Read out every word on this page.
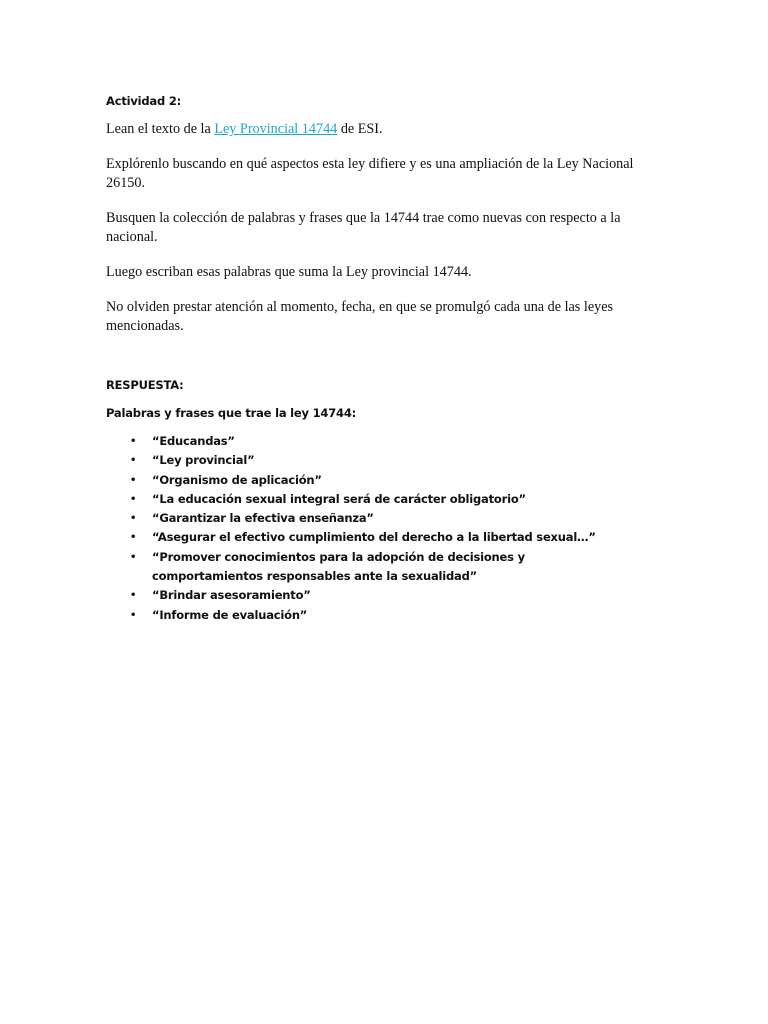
Actividad 2:

Lean el texto de la Ley Provincial 14744 de ESI.

Explórenlo buscando en qué aspectos esta ley difiere y es una ampliación de la Ley Nacional 26150.

Busquen la colección de palabras y frases que la 14744 trae como nuevas con respecto a la nacional.

Luego escriban esas palabras que suma la Ley provincial 14744.

No olviden prestar atención al momento, fecha, en que se promulgó cada una de las leyes mencionadas.

RESPUESTA:

Palabras y frases que trae la ley 14744:

• “Educandas”
• “Ley provincial”
• “Organismo de aplicación”
• “La educación sexual integral será de carácter obligatorio”
• “Garantizar la efectiva enseñanza”
• “Asegurar el efectivo cumplimiento del derecho a la libertad sexual…”
• “Promover conocimientos para la adopción de decisiones y comportamientos responsables ante la sexualidad”
• “Brindar asesoramiento”
• “Informe de evaluación”
